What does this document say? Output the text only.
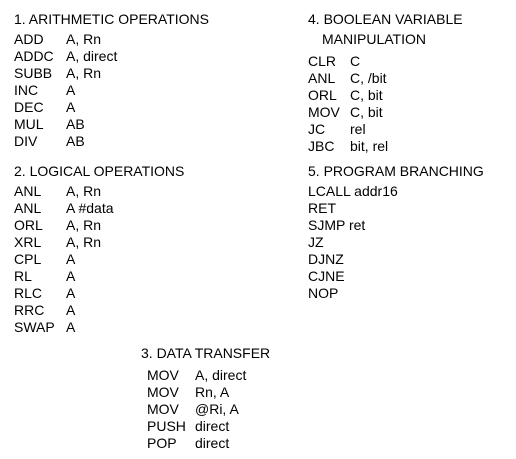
1. ARITHMETIC OPERATIONS
ADD A, Rn
ADDC A, direct
SUBB A, Rn
INC A
DEC A
MUL AB
DIV AB
2. LOGICAL OPERATIONS
ANL A, Rn
ANL A #data
ORL A, Rn
XRL A, Rn
CPL A
RL A
RLC A
RRC A
SWAP A
3. DATA TRANSFER
MOV A, direct
MOV Rn, A
MOV @Ri, A
PUSH direct
POP direct
4. BOOLEAN VARIABLE
MANIPULATION
CLR C
ANL C, /bit
ORL C, bit
MOV C, bit
JC rel
JBC bit, rel
5. PROGRAM BRANCHING
LCALL addr16
RET
SJMP ret
JZ
DJNZ
CJNE
NOP
